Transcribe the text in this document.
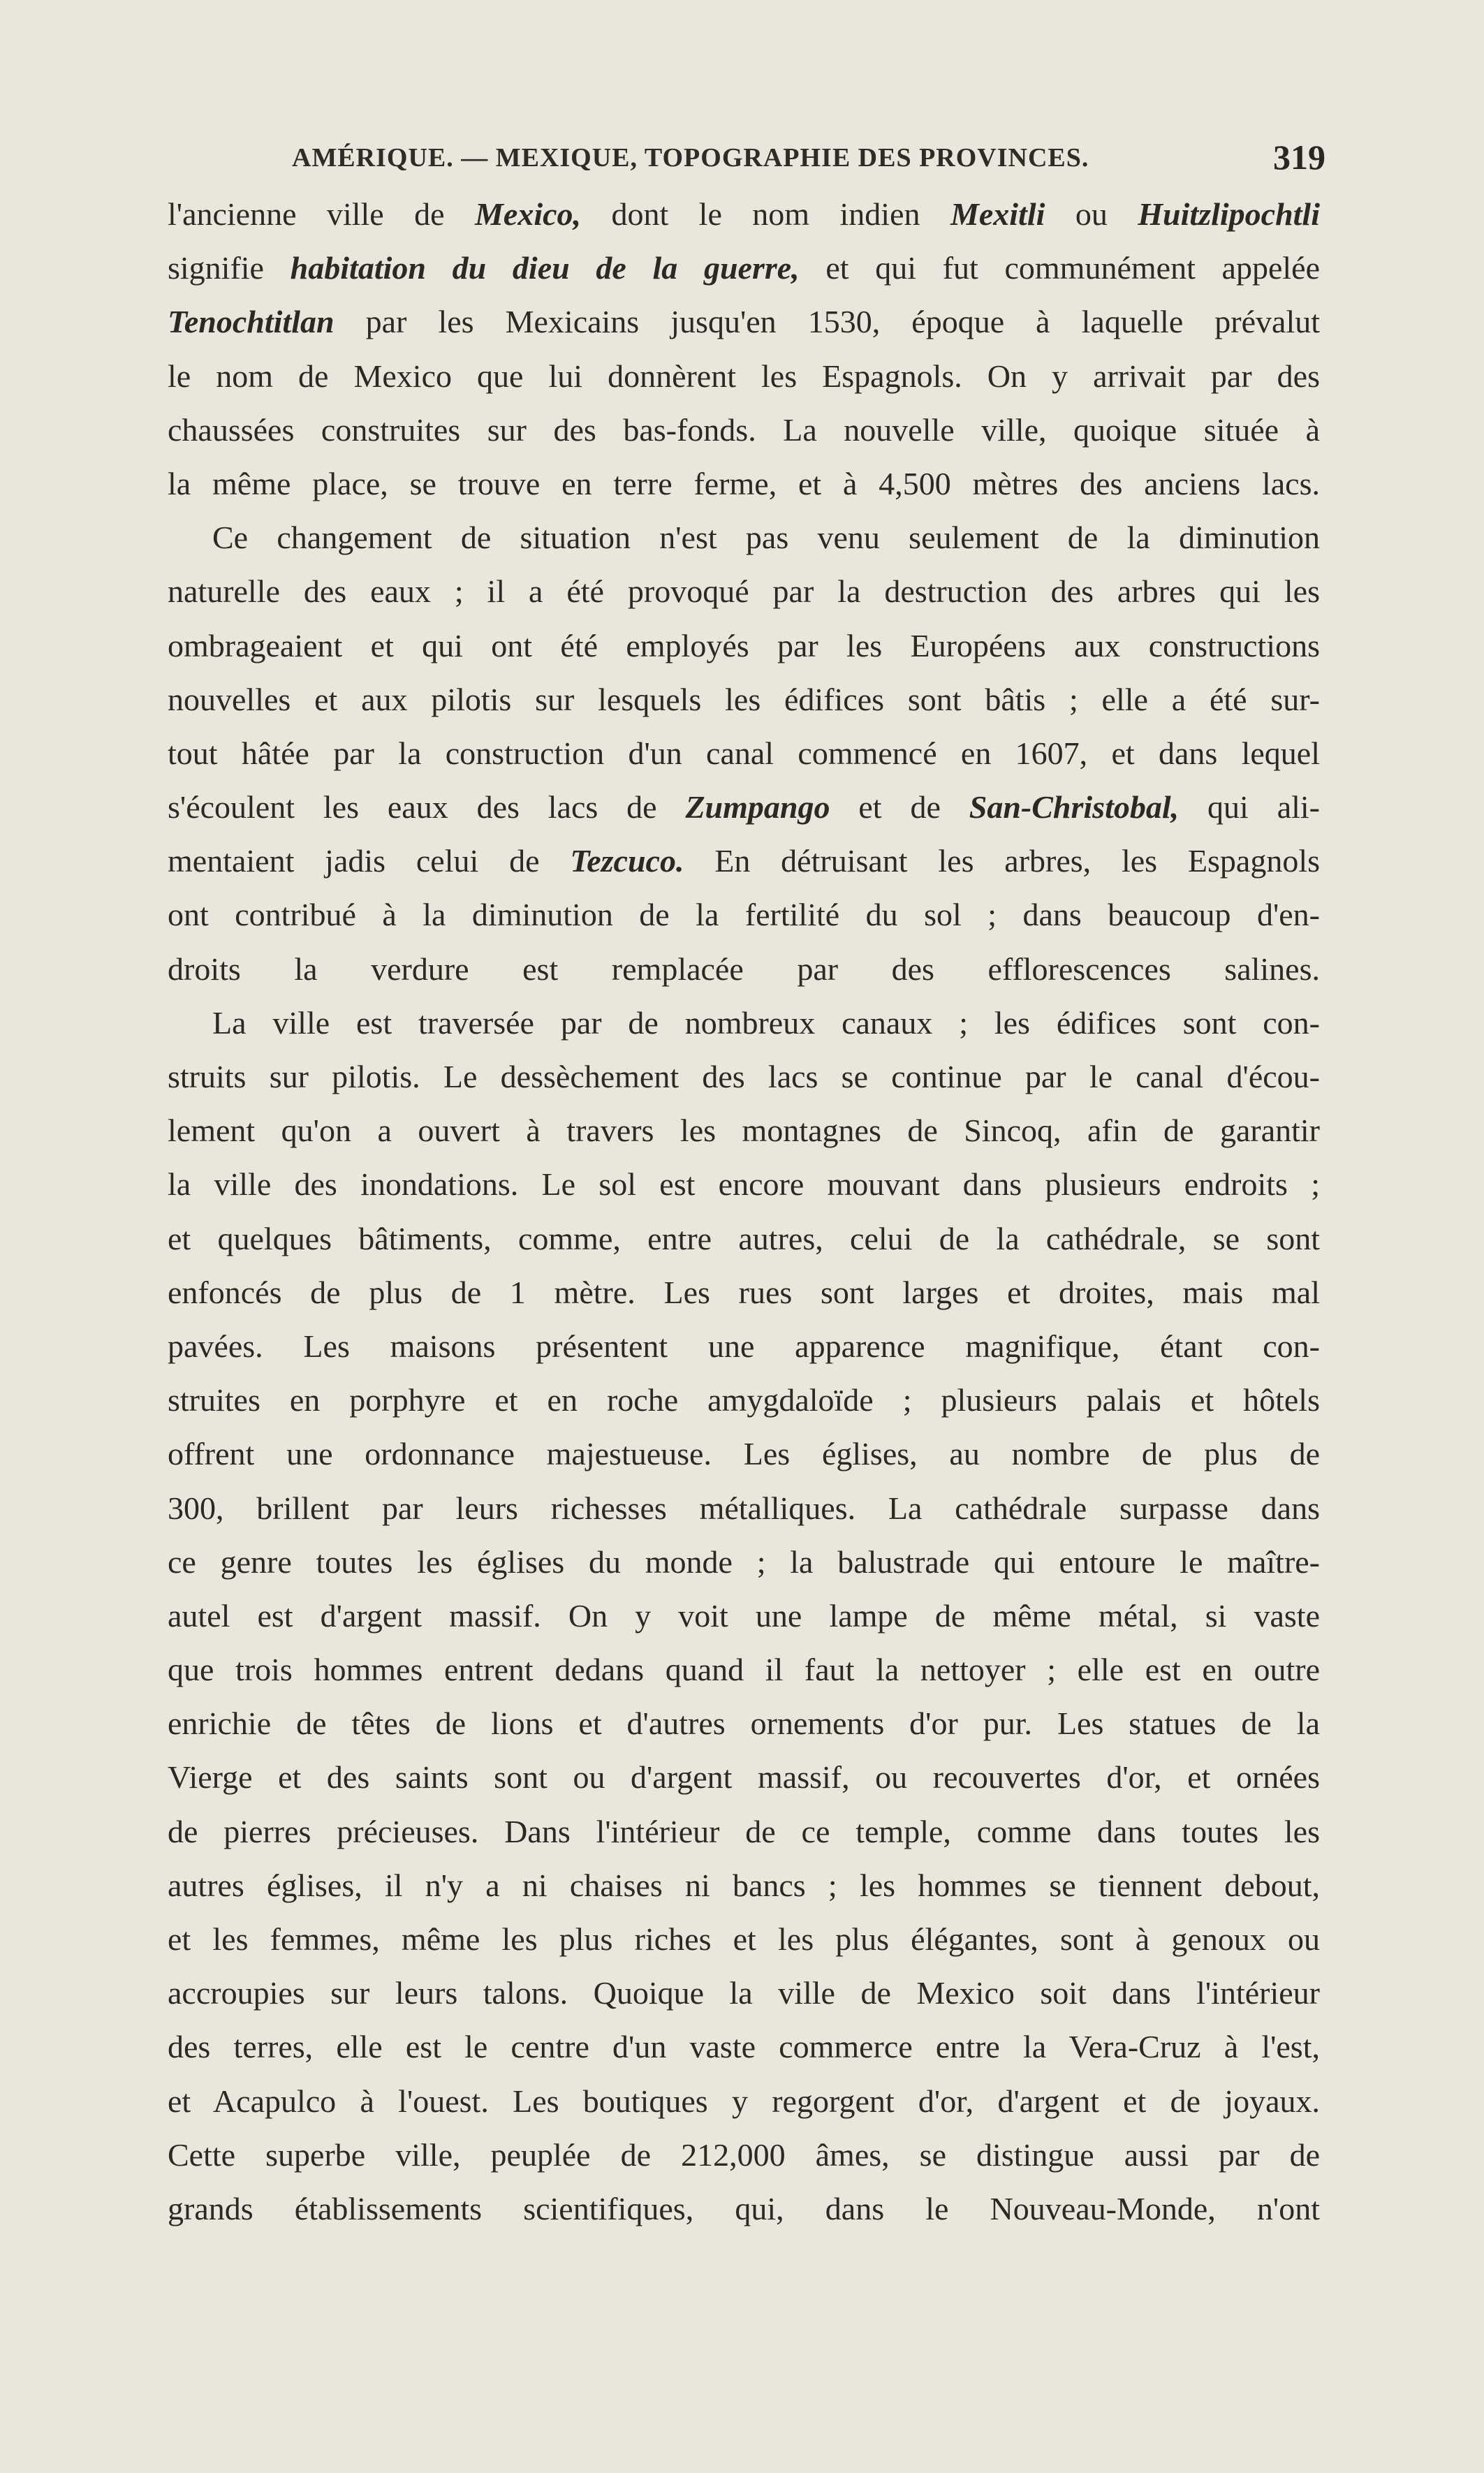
AMÉRIQUE. — MEXIQUE, TOPOGRAPHIE DES PROVINCES.	319
l'ancienne ville de Mexico, dont le nom indien Mexitli ou Huitzlipochtli
signifie habitation du dieu de la guerre, et qui fut communément appelée
Tenochtitlan par les Mexicains jusqu'en 1530, époque à laquelle prévalut
le nom de Mexico que lui donnèrent les Espagnols. On y arrivait par des
chaussées construites sur des bas-fonds. La nouvelle ville, quoique située à
la même place, se trouve en terre ferme, et à 4,500 mètres des anciens lacs.
Ce changement de situation n'est pas venu seulement de la diminution
naturelle des eaux ; il a été provoqué par la destruction des arbres qui les
ombrageaient et qui ont été employés par les Européens aux constructions
nouvelles et aux pilotis sur lesquels les édifices sont bâtis ; elle a été sur-
tout hâtée par la construction d'un canal commencé en 1607, et dans lequel
s'écoulent les eaux des lacs de Zumpango et de San-Christobal, qui ali-
mentaient jadis celui de Tezcuco. En détruisant les arbres, les Espagnols
ont contribué à la diminution de la fertilité du sol ; dans beaucoup d'en-
droits la verdure est remplacée par des efflorescences salines.
La ville est traversée par de nombreux canaux ; les édifices sont con-
struits sur pilotis. Le dessèchement des lacs se continue par le canal d'écou-
lement qu'on a ouvert à travers les montagnes de Sincoq, afin de garantir
la ville des inondations. Le sol est encore mouvant dans plusieurs endroits ;
et quelques bâtiments, comme, entre autres, celui de la cathédrale, se sont
enfoncés de plus de 1 mètre. Les rues sont larges et droites, mais mal
pavées. Les maisons présentent une apparence magnifique, étant con-
struites en porphyre et en roche amygdaloïde ; plusieurs palais et hôtels
offrent une ordonnance majestueuse. Les églises, au nombre de plus de
300, brillent par leurs richesses métalliques. La cathédrale surpasse dans
ce genre toutes les églises du monde ; la balustrade qui entoure le maître-
autel est d'argent massif. On y voit une lampe de même métal, si vaste
que trois hommes entrent dedans quand il faut la nettoyer ; elle est en outre
enrichie de têtes de lions et d'autres ornements d'or pur. Les statues de la
Vierge et des saints sont ou d'argent massif, ou recouvertes d'or, et ornées
de pierres précieuses. Dans l'intérieur de ce temple, comme dans toutes les
autres églises, il n'y a ni chaises ni bancs ; les hommes se tiennent debout,
et les femmes, même les plus riches et les plus élégantes, sont à genoux ou
accroupies sur leurs talons. Quoique la ville de Mexico soit dans l'intérieur
des terres, elle est le centre d'un vaste commerce entre la Vera-Cruz à l'est,
et Acapulco à l'ouest. Les boutiques y regorgent d'or, d'argent et de joyaux.
Cette superbe ville, peuplée de 212,000 âmes, se distingue aussi par de
grands établissements scientifiques, qui, dans le Nouveau-Monde, n'ont
